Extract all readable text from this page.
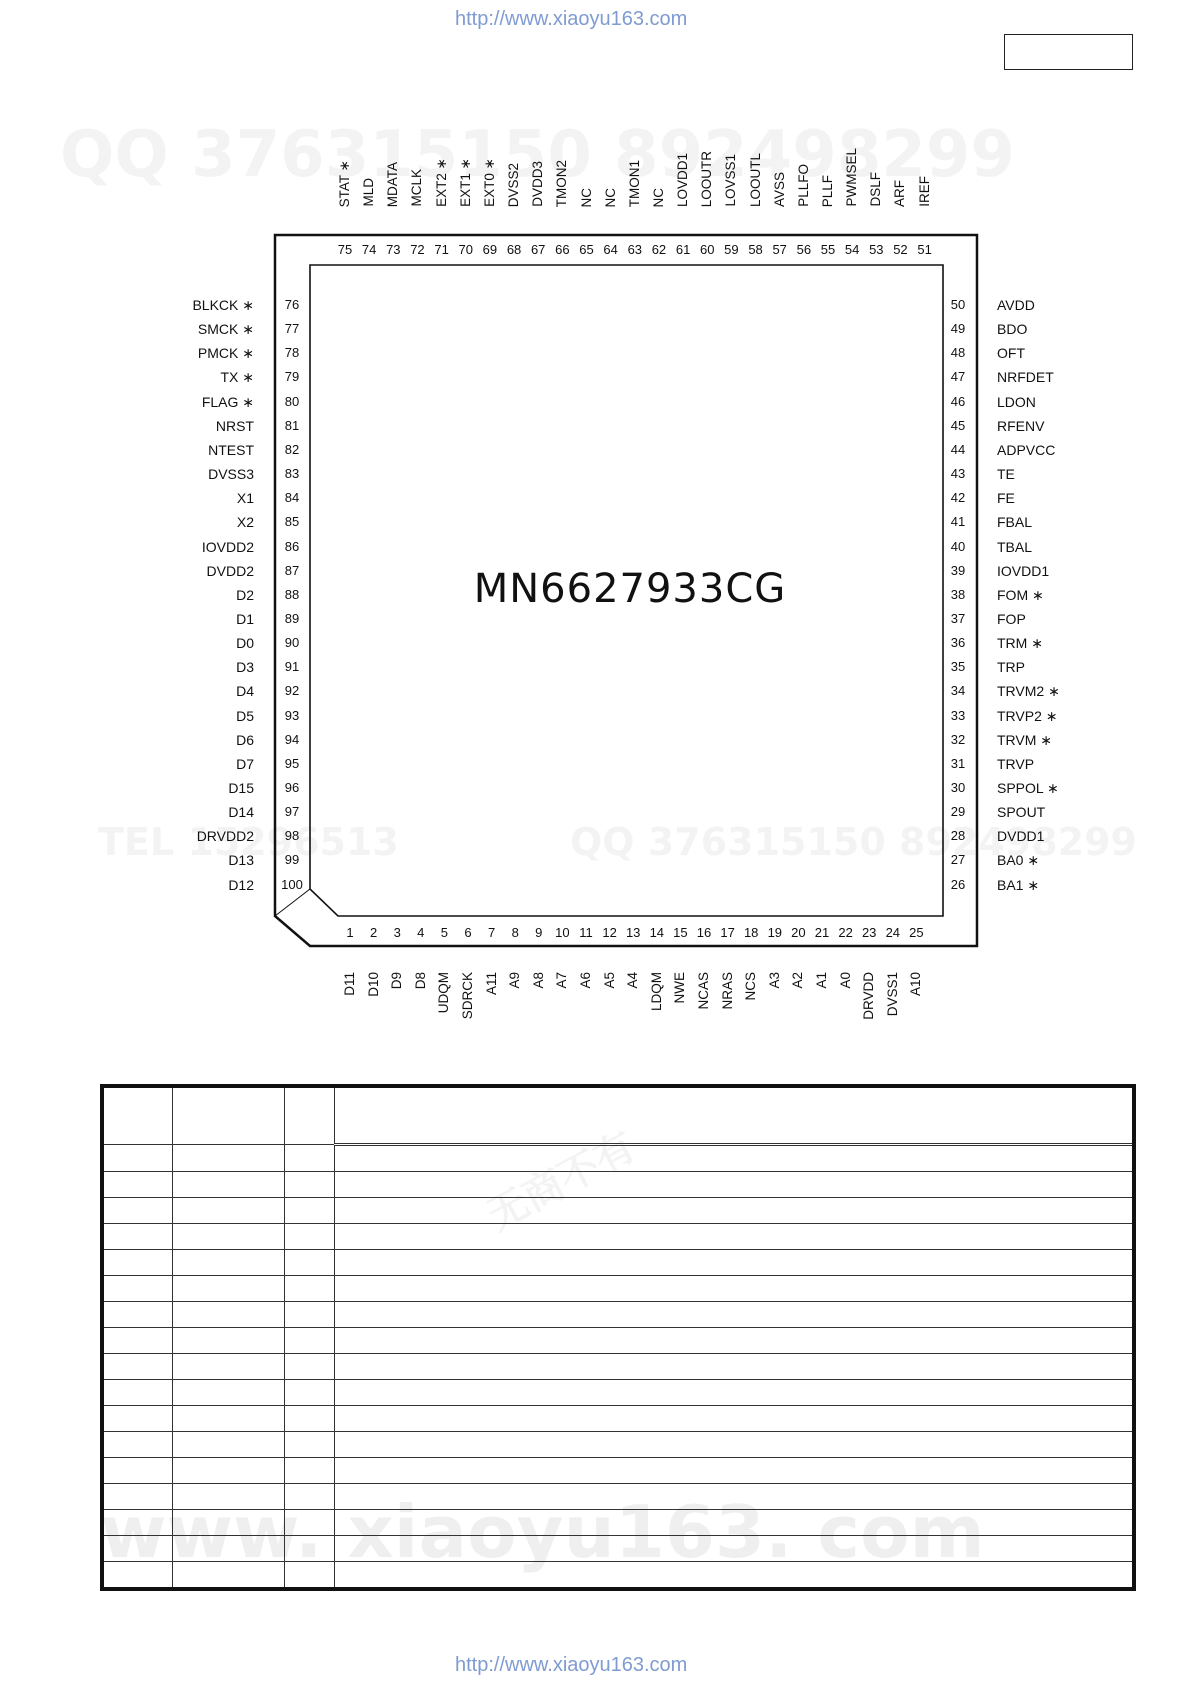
http://www.xiaoyu163.com
http://www.xiaoyu163.com
www. xiaoyu163. com
MN6627933CG
STAT ∗
75
MLD
74
MDATA
73
MCLK
72
EXT2 ∗
71
EXT1 ∗
70
EXT0 ∗
69
DVSS2
68
DVDD3
67
TMON2
66
NC
65
NC
64
TMON1
63
NC
62
LOVDD1
61
LOOUTR
60
LOVSS1
59
LOOUTL
58
AVSS
57
PLLFO
56
PLLF
55
PWMSEL
54
DSLF
53
ARF
52
IREF
51
BLKCK ∗	76
SMCK ∗	77
PMCK ∗	78
TX ∗	79
FLAG ∗	80
NRST	81
NTEST	82
DVSS3	83
X1	84
X2	85
IOVDD2	86
DVDD2	87
D2	88
D1	89
D0	90
D3	91
D4	92
D5	93
D6	94
D7	95
D15	96
D14	97
DRVDD2	98
D13	99
D12 100
50	AVDD
49	BDO
48	OFT
47	NRFDET
46	LDON
45	RFENV
44	ADPVCC
43	TE
42	FE
41	FBAL
40	TBAL
39	IOVDD1
38	FOM ∗
37	FOP
36	TRM ∗
35	TRP
34	TRVM2 ∗
33	TRVP2 ∗
32	TRVM ∗
31	TRVP
30	SPPOL ∗
29	SPOUT
28	DVDD1
27	BA0 ∗
26	BA1 ∗
1
D11
2
D10
3
D9
4
D8
5
UDQM
6
SDRCK
7
A11
8
A9
9
A8
10
A7
11
A6
12
A5
13
A4
14
LDQM
15
NWE
16
NCAS
17
NRAS
18
NCS
19
A3
20
A2
21
A1
22
A0
23
DRVDD
24
DVSS1
25
A10
